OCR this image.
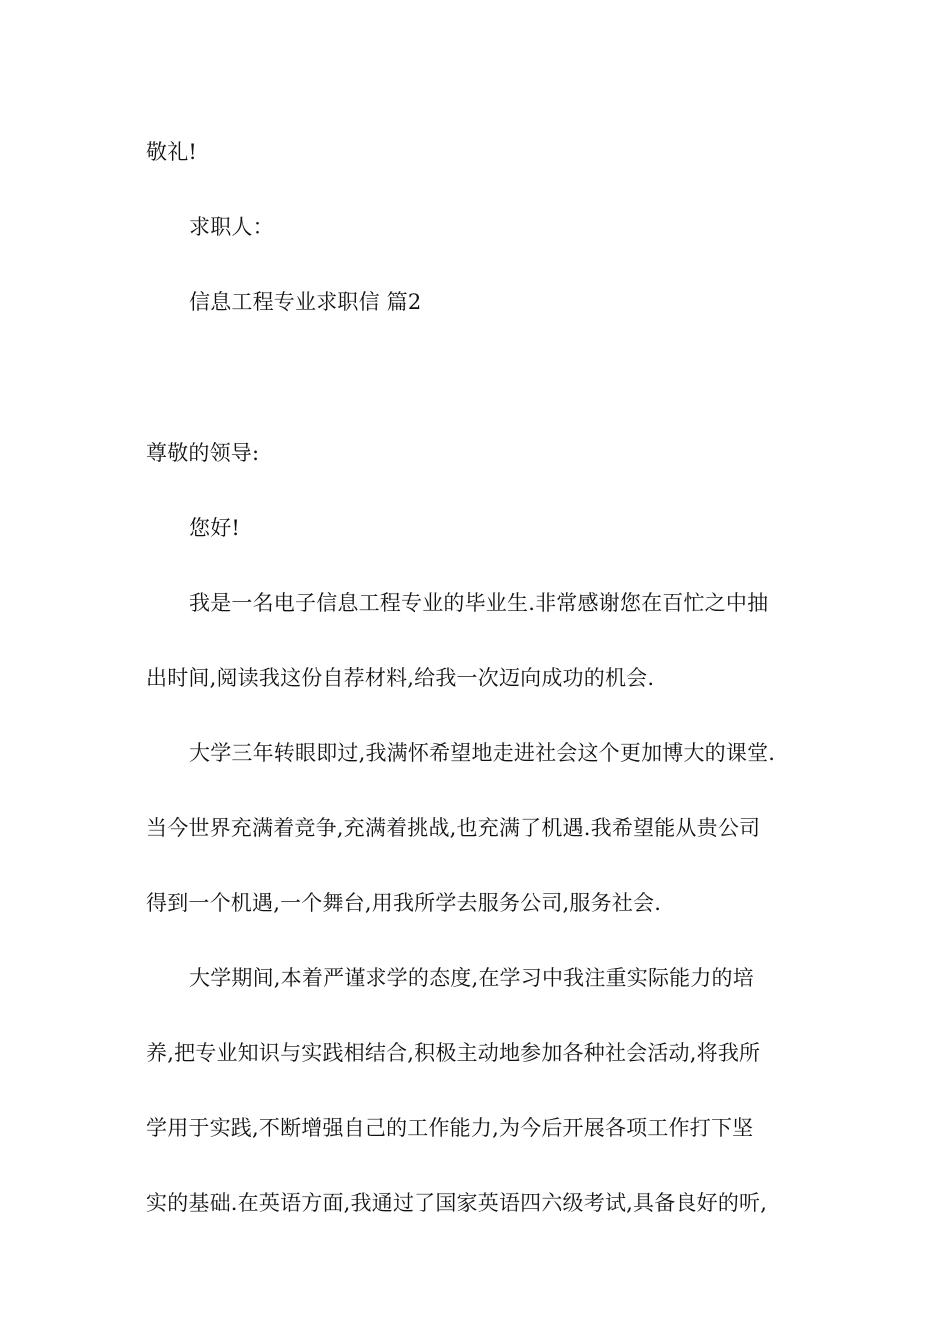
敬礼!
求职人：
信息工程专业求职信 篇2
尊敬的领导:
您好!
我是一名电子信息工程专业的毕业生.非常感谢您在百忙之中抽
出时间,阅读我这份自荐材料,给我一次迈向成功的机会.
大学三年转眼即过,我满怀希望地走进社会这个更加博大的课堂.
当今世界充满着竞争,充满着挑战,也充满了机遇.我希望能从贵公司
得到一个机遇,一个舞台,用我所学去服务公司,服务社会.
大学期间,本着严谨求学的态度,在学习中我注重实际能力的培
养,把专业知识与实践相结合,积极主动地参加各种社会活动,将我所
学用于实践,不断增强自己的工作能力,为今后开展各项工作打下坚
实的基础.在英语方面,我通过了国家英语四六级考试,具备良好的听,
